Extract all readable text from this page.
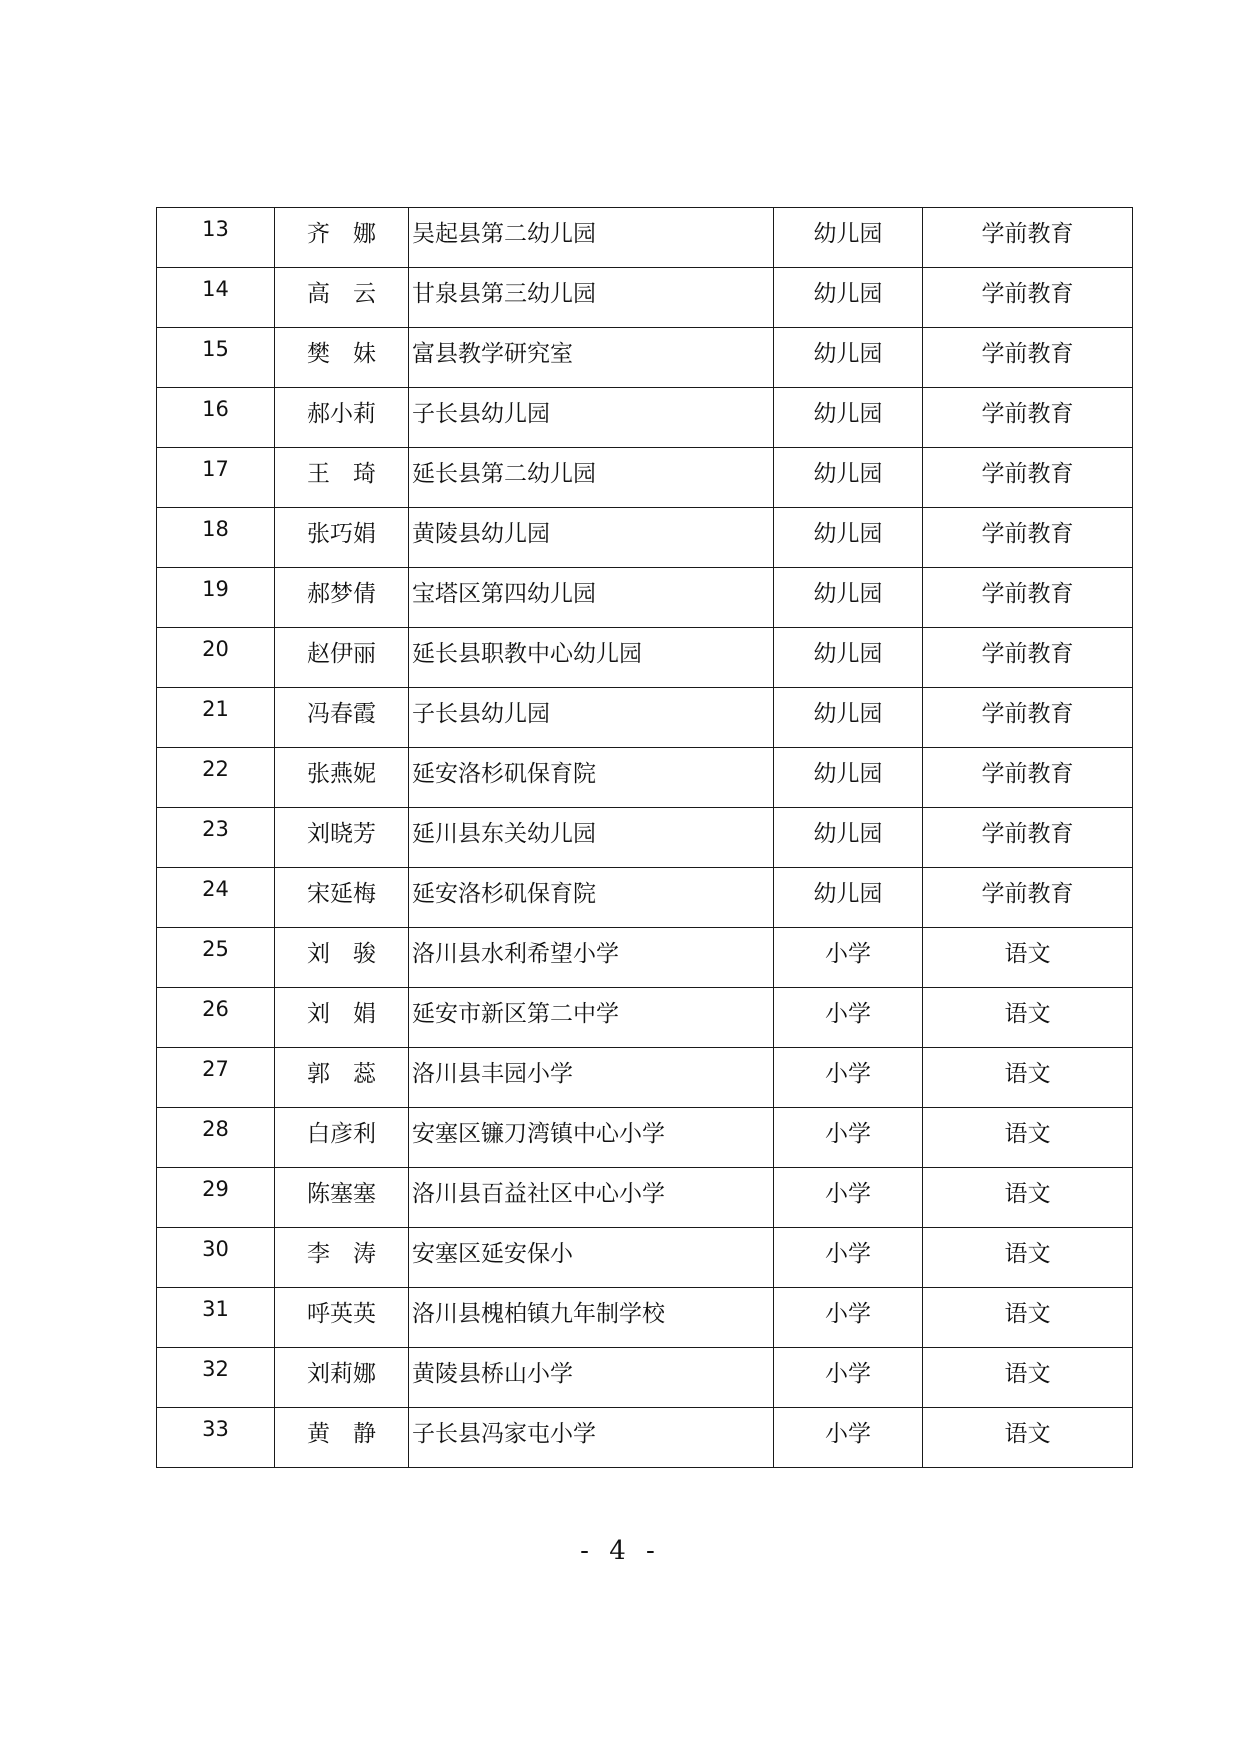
13	齐　娜	吴起县第二幼儿园	幼儿园	学前教育
14	高　云	甘泉县第三幼儿园	幼儿园	学前教育
15	樊　妹	富县教学研究室	幼儿园	学前教育
16	郝小莉	子长县幼儿园	幼儿园	学前教育
17	王　琦	延长县第二幼儿园	幼儿园	学前教育
18	张巧娟	黄陵县幼儿园	幼儿园	学前教育
19	郝梦倩	宝塔区第四幼儿园	幼儿园	学前教育
20	赵伊丽	延长县职教中心幼儿园	幼儿园	学前教育
21	冯春霞	子长县幼儿园	幼儿园	学前教育
22	张燕妮	延安洛杉矶保育院	幼儿园	学前教育
23	刘晓芳	延川县东关幼儿园	幼儿园	学前教育
24	宋延梅	延安洛杉矶保育院	幼儿园	学前教育
25	刘　骏	洛川县水利希望小学	小学	语文
26	刘　娟	延安市新区第二中学	小学	语文
27	郭　蕊	洛川县丰园小学	小学	语文
28	白彦利	安塞区镰刀湾镇中心小学	小学	语文
29	陈塞塞	洛川县百益社区中心小学	小学	语文
30	李　涛	安塞区延安保小	小学	语文
31	呼英英	洛川县槐柏镇九年制学校	小学	语文
32	刘莉娜	黄陵县桥山小学	小学	语文
33	黄　静	子长县冯家屯小学	小学	语文
- 4 -
